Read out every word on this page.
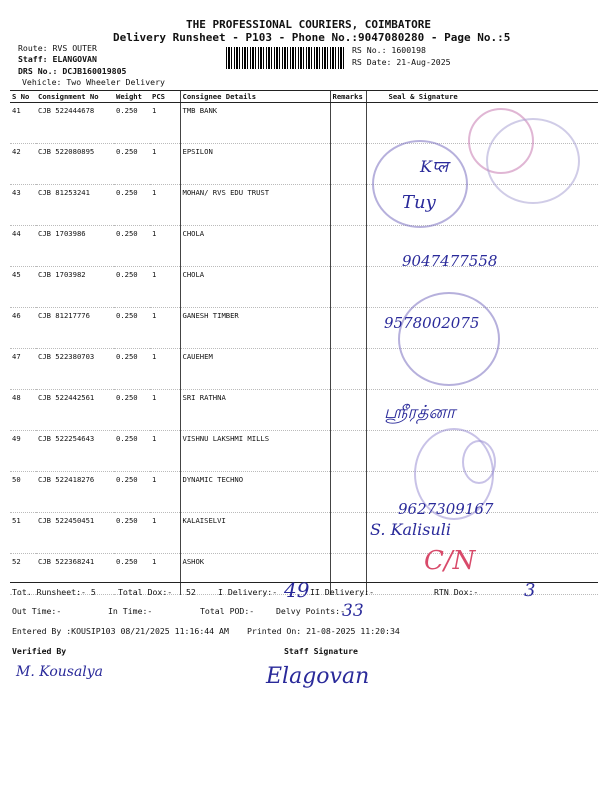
THE PROFESSIONAL COURIERS, COIMBATORE
Delivery Runsheet - P103 - Phone No.:9047080280 - Page No.:5
Route: RVS OUTER
Staff: ELANGOVAN
DRS No.: DCJB160019805
Vehicle: Two Wheeler Delivery
RS No.: 1600198
RS Date: 21-Aug-2025
S No	Consignment No	Weight	PCS	Consignee Details	Remarks	Seal & Signature
41	CJB 522444678	0.250	1	TMB BANK		
42	CJB 522080895	0.250	1	EPSILON		
43	CJB 81253241	0.250	1	MOHAN/ RVS EDU TRUST		
44	CJB 1703986	0.250	1	CHOLA		
45	CJB 1703982	0.250	1	CHOLA		
46	CJB 81217776	0.250	1	GANESH TIMBER		
47	CJB 522380703	0.250	1	CAUEHEM		
48	CJB 522442561	0.250	1	SRI RATHNA		
49	CJB 522254643	0.250	1	VISHNU LAKSHMI MILLS		
50	CJB 522418276	0.250	1	DYNAMIC TECHNO		
51	CJB 522450451	0.250	1	KALAISELVI		
52	CJB 522368241	0.250	1	ASHOK		
Kप्ल
Tuy
9047477558
9578002075
ஸ்ரீரத்னா
9627309167
S. Kalisuli
C/N
Tot. Runsheet:- 5	Total Dox:- 52	I Delivery:- 49 II Delivery:-	RTN Dox:-	3
Out Time:-	In Time:-	Total POD:-	Delvy Points:-
33
Entered By :KOUSIP103 08/21/2025 11:16:44 AM Printed On: 21-08-2025 11:20:34
Verified By	Staff Signature
M. Kousalya	Elagovan
